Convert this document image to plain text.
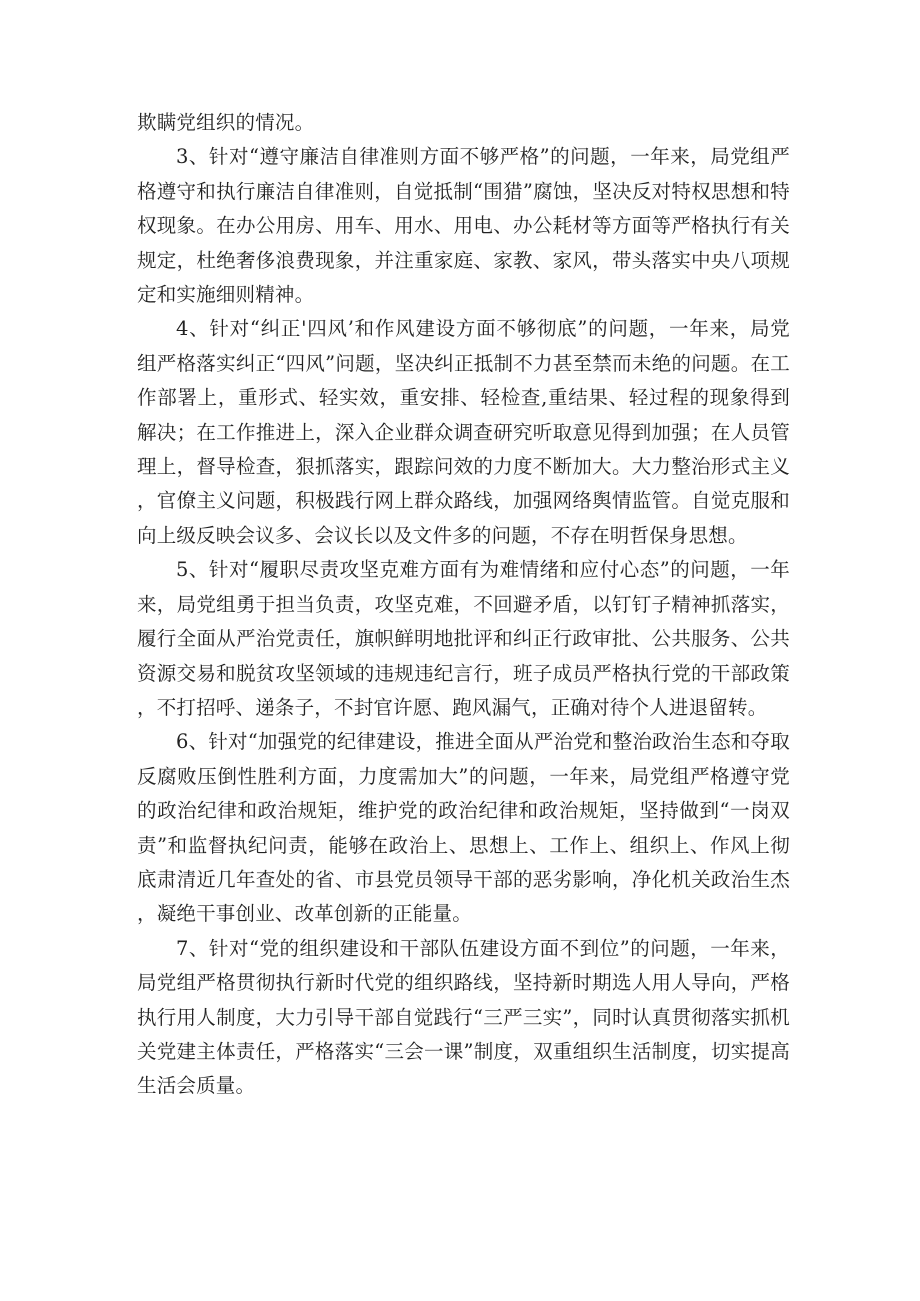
欺瞒党组织的情况。

3、针对“遵守廉洁自律准则方面不够严格”的问题，一年来，局党组严格遵守和执行廉洁自律准则，自觉抵制“围猎”腐蚀，坚决反对特权思想和特权现象。在办公用房、用车、用水、用电、办公耗材等方面等严格执行有关规定，杜绝奢侈浪费现象，并注重家庭、家教、家风，带头落实中央八项规定和实施细则精神。

4、针对“纠正'四风’和作风建设方面不够彻底”的问题，一年来，局党组严格落实纠正“四风”问题，坚决纠正抵制不力甚至禁而未绝的问题。在工作部署上，重形式、轻实效，重安排、轻检查,重结果、轻过程的现象得到解决；在工作推进上，深入企业群众调查研究听取意见得到加强；在人员管理上，督导检查，狠抓落实，跟踪问效的力度不断加大。大力整治形式主义，官僚主义问题，积极践行网上群众路线，加强网络舆情监管。自觉克服和向上级反映会议多、会议长以及文件多的问题，不存在明哲保身思想。

5、针对“履职尽责攻坚克难方面有为难情绪和应付心态”的问题，一年来，局党组勇于担当负责，攻坚克难，不回避矛盾，以钉钉子精神抓落实，履行全面从严治党责任，旗帜鲜明地批评和纠正行政审批、公共服务、公共资源交易和脱贫攻坚领域的违规违纪言行，班子成员严格执行党的干部政策，不打招呼、递条子，不封官许愿、跑风漏气，正确对待个人进退留转。

6、针对“加强党的纪律建设，推进全面从严治党和整治政治生态和夺取反腐败压倒性胜利方面，力度需加大”的问题，一年来，局党组严格遵守党的政治纪律和政治规矩，维护党的政治纪律和政治规矩，坚持做到“一岗双责”和监督执纪问责，能够在政治上、思想上、工作上、组织上、作风上彻底肃清近几年查处的省、市县党员领导干部的恶劣影响，净化机关政治生杰，凝绝干事创业、改革创新的正能量。

7、针对“党的组织建设和干部队伍建设方面不到位”的问题，一年来，局党组严格贯彻执行新时代党的组织路线，坚持新时期选人用人导向，严格执行用人制度，大力引导干部自觉践行“三严三实”，同时认真贯彻落实抓机关党建主体责任，严格落实“三会一课”制度，双重组织生活制度，切实提高生活会质量。
